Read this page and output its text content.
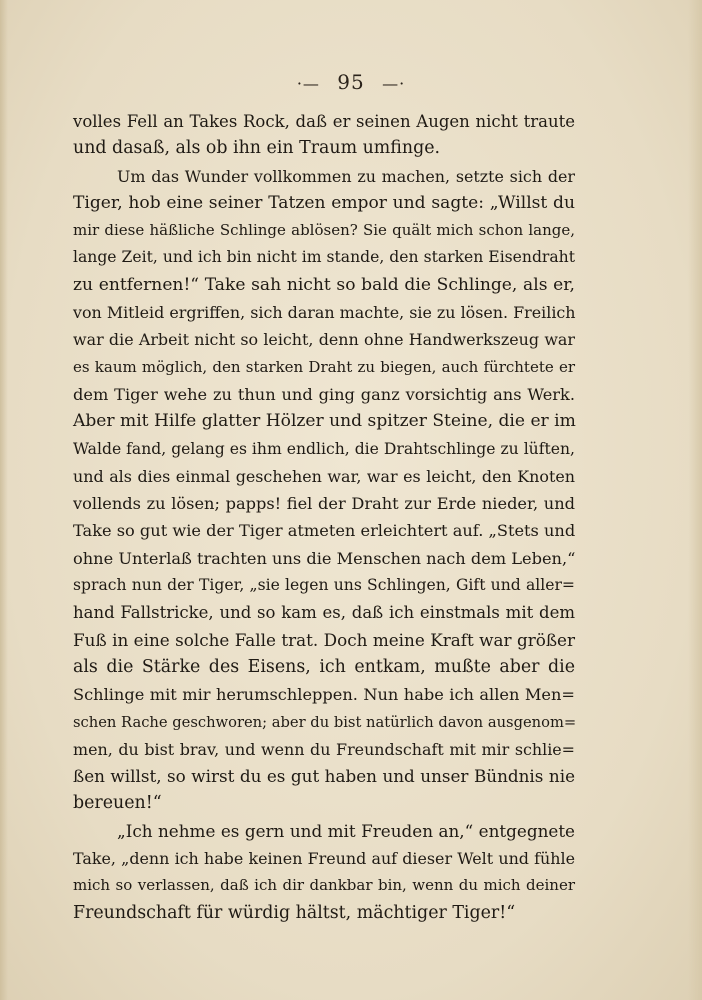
·— 95 —·
volles Fell an Takes Rock, daß er seinen Augen nicht traute
und dasaß, als ob ihn ein Traum umfinge.
Um das Wunder vollkommen zu machen, setzte sich der
Tiger, hob eine seiner Tatzen empor und sagte: „Willst du
mir diese häßliche Schlinge ablösen? Sie quält mich schon lange,
lange Zeit, und ich bin nicht im stande, den starken Eisendraht
zu entfernen!“ Take sah nicht so bald die Schlinge, als er,
von Mitleid ergriffen, sich daran machte, sie zu lösen. Freilich
war die Arbeit nicht so leicht, denn ohne Handwerkszeug war
es kaum möglich, den starken Draht zu biegen, auch fürchtete er
dem Tiger wehe zu thun und ging ganz vorsichtig ans Werk.
Aber mit Hilfe glatter Hölzer und spitzer Steine, die er im
Walde fand, gelang es ihm endlich, die Drahtschlinge zu lüften,
und als dies einmal geschehen war, war es leicht, den Knoten
vollends zu lösen; papps! fiel der Draht zur Erde nieder, und
Take so gut wie der Tiger atmeten erleichtert auf. „Stets und
ohne Unterlaß trachten uns die Menschen nach dem Leben,“
sprach nun der Tiger, „sie legen uns Schlingen, Gift und aller=
hand Fallstricke, und so kam es, daß ich einstmals mit dem
Fuß in eine solche Falle trat. Doch meine Kraft war größer
als die Stärke des Eisens, ich entkam, mußte aber die
Schlinge mit mir herumschleppen. Nun habe ich allen Men=
schen Rache geschworen; aber du bist natürlich davon ausgenom=
men, du bist brav, und wenn du Freundschaft mit mir schlie=
ßen willst, so wirst du es gut haben und unser Bündnis nie
bereuen!“
„Ich nehme es gern und mit Freuden an,“ entgegnete
Take, „denn ich habe keinen Freund auf dieser Welt und fühle
mich so verlassen, daß ich dir dankbar bin, wenn du mich deiner
Freundschaft für würdig hältst, mächtiger Tiger!“
